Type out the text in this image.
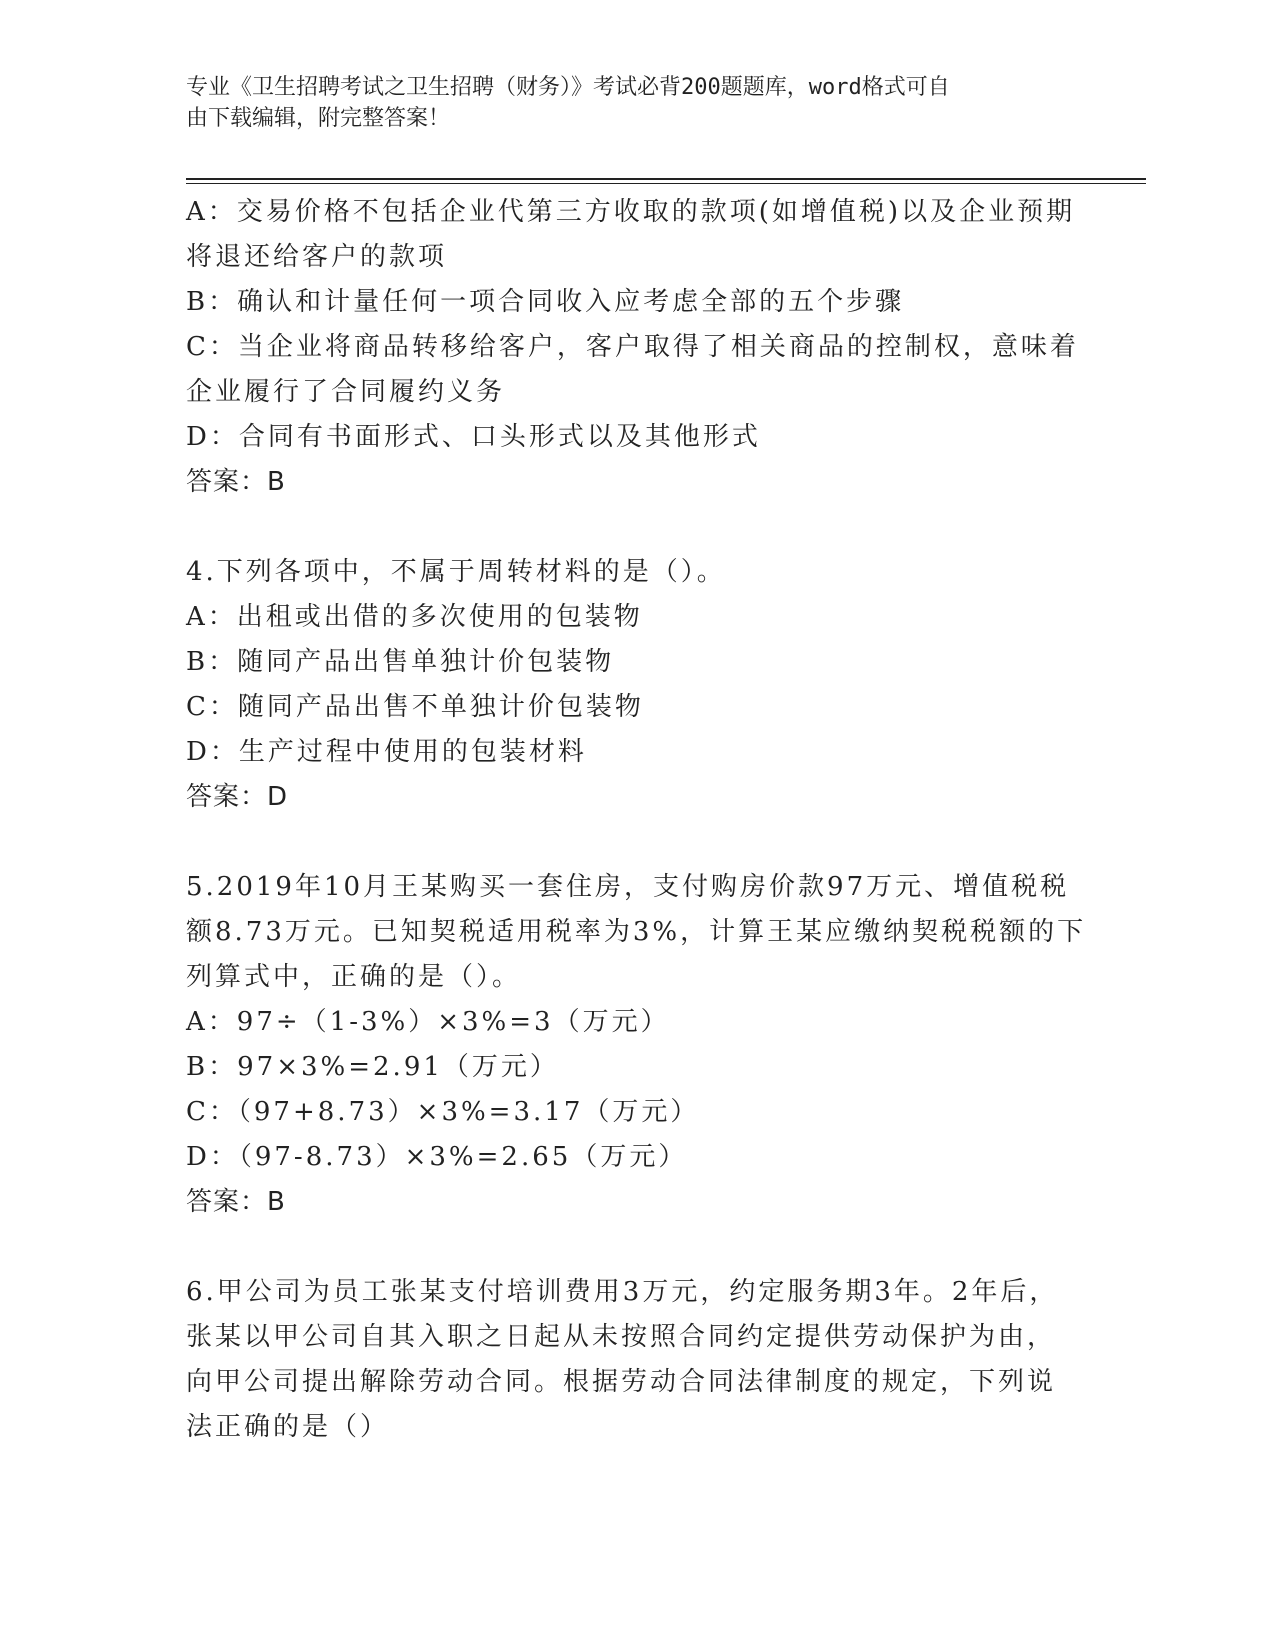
专业《卫生招聘考试之卫生招聘（财务）》考试必背200题题库，word格式可自
由下载编辑，附完整答案！

A：交易价格不包括企业代第三方收取的款项(如增值税)以及企业预期

将退还给客户的款项

B：确认和计量任何一项合同收入应考虑全部的五个步骤

C：当企业将商品转移给客户，客户取得了相关商品的控制权，意味着

企业履行了合同履约义务

D：合同有书面形式、口头形式以及其他形式

答案：B

4.下列各项中，不属于周转材料的是（）。

A：出租或出借的多次使用的包装物

B：随同产品出售单独计价包装物

C：随同产品出售不单独计价包装物

D：生产过程中使用的包装材料

答案：D

5.2019年10月王某购买一套住房，支付购房价款97万元、增值税税

额8.73万元。已知契税适用税率为3%，计算王某应缴纳契税税额的下

列算式中，正确的是（）。

A：97÷（1-3%）×3%=3（万元）

B：97×3%=2.91（万元）

C：（97+8.73）×3%=3.17（万元）

D：（97-8.73）×3%=2.65（万元）

答案：B

6.甲公司为员工张某支付培训费用3万元，约定服务期3年。2年后，

张某以甲公司自其入职之日起从未按照合同约定提供劳动保护为由，

向甲公司提出解除劳动合同。根据劳动合同法律制度的规定，下列说

法正确的是（）
